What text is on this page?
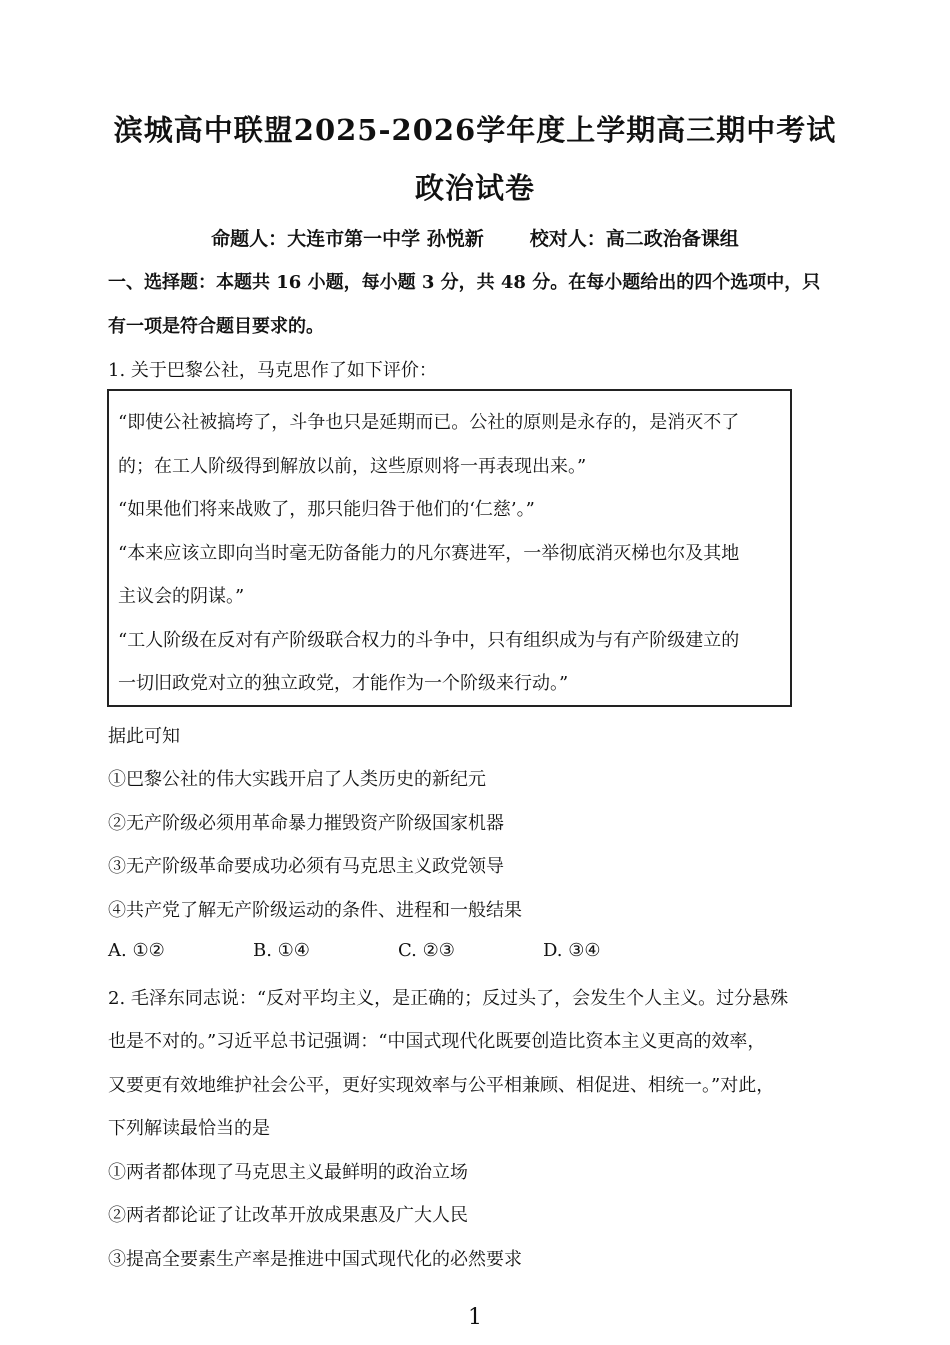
滨城高中联盟2025-2026学年度上学期高三期中考试
政治试卷
命题人：大连市第一中学 孙悦新 校对人：高二政治备课组
一、选择题：本题共 16 小题，每小题 3 分，共 48 分。在每小题给出的四个选项中，只
有一项是符合题目要求的。
1. 关于巴黎公社，马克思作了如下评价：
“即使公社被搞垮了，斗争也只是延期而已。公社的原则是永存的，是消灭不了
的；在工人阶级得到解放以前，这些原则将一再表现出来。”
“如果他们将来战败了，那只能归咎于他们的‘仁慈’。”
“本来应该立即向当时毫无防备能力的凡尔赛进军，一举彻底消灭梯也尔及其地
主议会的阴谋。”
“工人阶级在反对有产阶级联合权力的斗争中，只有组织成为与有产阶级建立的
一切旧政党对立的独立政党，才能作为一个阶级来行动。”
据此可知
①巴黎公社的伟大实践开启了人类历史的新纪元
②无产阶级必须用革命暴力摧毁资产阶级国家机器
③无产阶级革命要成功必须有马克思主义政党领导
④共产党了解无产阶级运动的条件、进程和一般结果
A. ①②	B. ①④	C. ②③	D. ③④
2. 毛泽东同志说：“反对平均主义，是正确的；反过头了，会发生个人主义。过分悬殊
也是不对的。”习近平总书记强调：“中国式现代化既要创造比资本主义更高的效率，
又要更有效地维护社会公平，更好实现效率与公平相兼顾、相促进、相统一。”对此，
下列解读最恰当的是
①两者都体现了马克思主义最鲜明的政治立场
②两者都论证了让改革开放成果惠及广大人民
③提高全要素生产率是推进中国式现代化的必然要求
1
